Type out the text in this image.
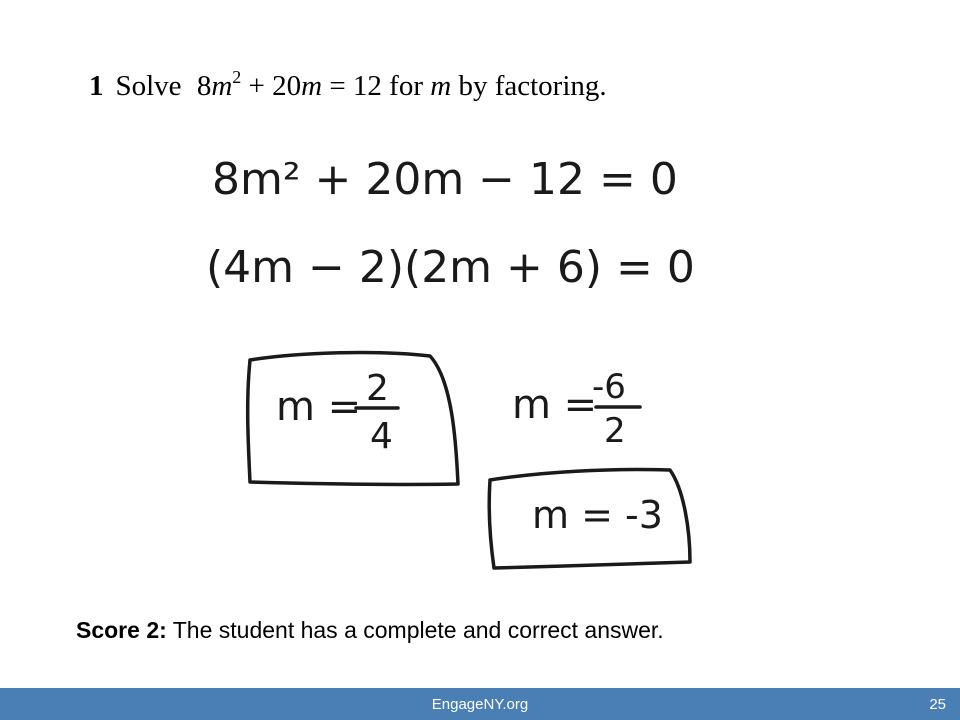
1 Solve $8m^2 + 20m = 12$ for m by factoring.
8m² + 20m − 12 = 0
(4m − 2)(2m + 6) = 0
m = 2
4
m =
-6
2
m = -3
Score 2: The student has a complete and correct answer.
EngageNY.org	25
